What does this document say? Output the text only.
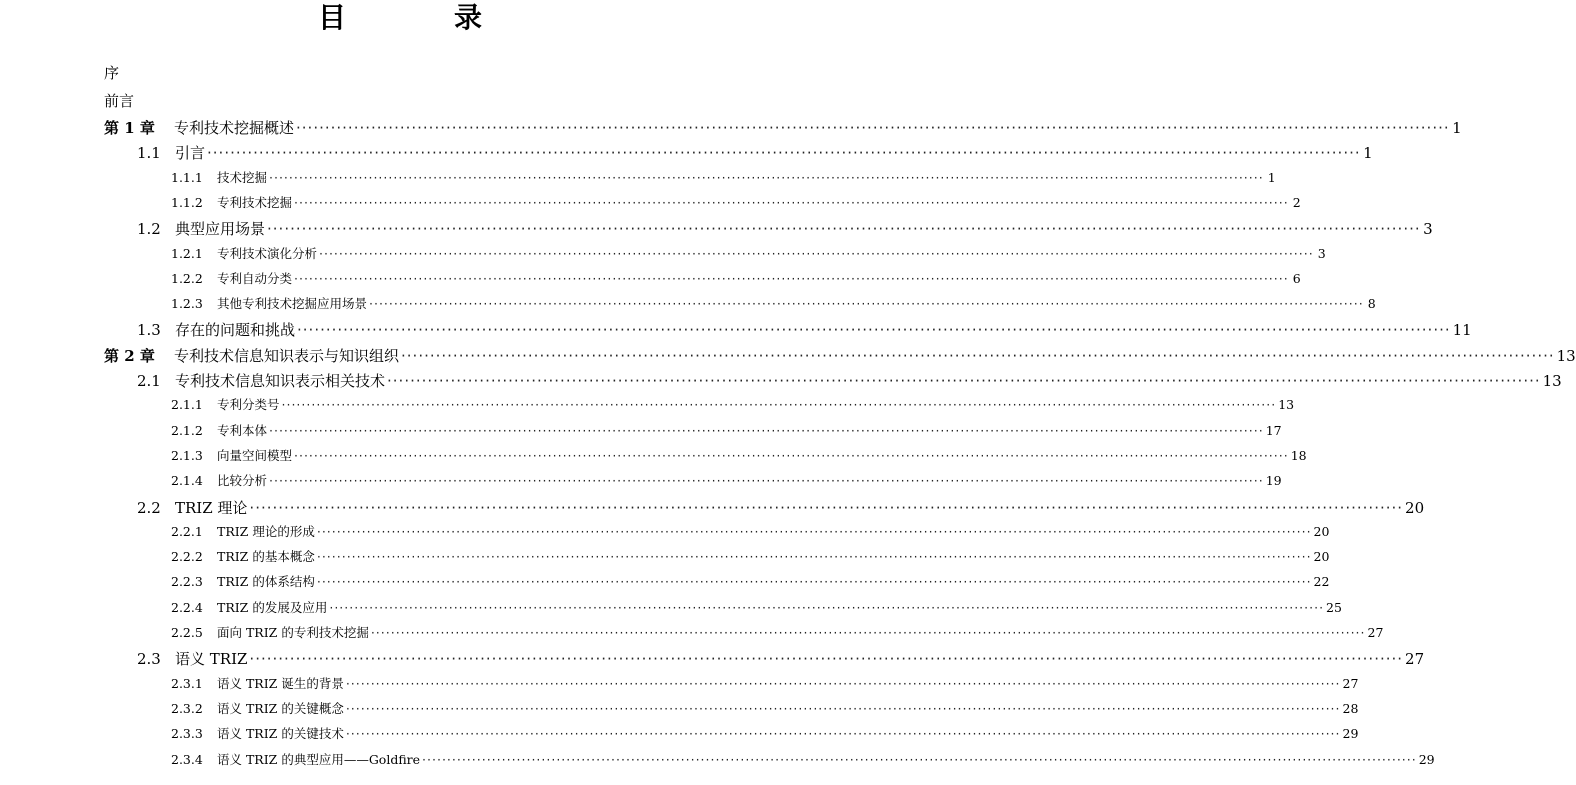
目　录
序
前言
第 1 章 专利技术挖掘概述 ········································································································································································································ 1
1.1 引言 ········································································································································································································ 1
1.1.1 技术挖掘 ········································································································································································································ 1
1.1.2 专利技术挖掘 ········································································································································································································ 2
1.2 典型应用场景 ········································································································································································································ 3
1.2.1 专利技术演化分析 ········································································································································································································ 3
1.2.2 专利自动分类 ········································································································································································································ 6
1.2.3 其他专利技术挖掘应用场景 ········································································································································································································ 8
1.3 存在的问题和挑战 ········································································································································································································ 11
第 2 章 专利技术信息知识表示与知识组织 ········································································································································································································ 13
2.1 专利技术信息知识表示相关技术 ········································································································································································································ 13
2.1.1 专利分类号 ········································································································································································································ 13
2.1.2 专利本体 ········································································································································································································ 17
2.1.3 向量空间模型 ········································································································································································································ 18
2.1.4 比较分析 ········································································································································································································ 19
2.2 TRIZ 理论 ········································································································································································································ 20
2.2.1 TRIZ 理论的形成 ········································································································································································································ 20
2.2.2 TRIZ 的基本概念 ········································································································································································································ 20
2.2.3 TRIZ 的体系结构 ········································································································································································································ 22
2.2.4 TRIZ 的发展及应用 ········································································································································································································ 25
2.2.5 面向 TRIZ 的专利技术挖掘 ········································································································································································································ 27
2.3 语义 TRIZ ········································································································································································································ 27
2.3.1 语义 TRIZ 诞生的背景 ········································································································································································································ 27
2.3.2 语义 TRIZ 的关键概念 ········································································································································································································ 28
2.3.3 语义 TRIZ 的关键技术 ········································································································································································································ 29
2.3.4 语义 TRIZ 的典型应用——Goldfire ········································································································································································································ 29
